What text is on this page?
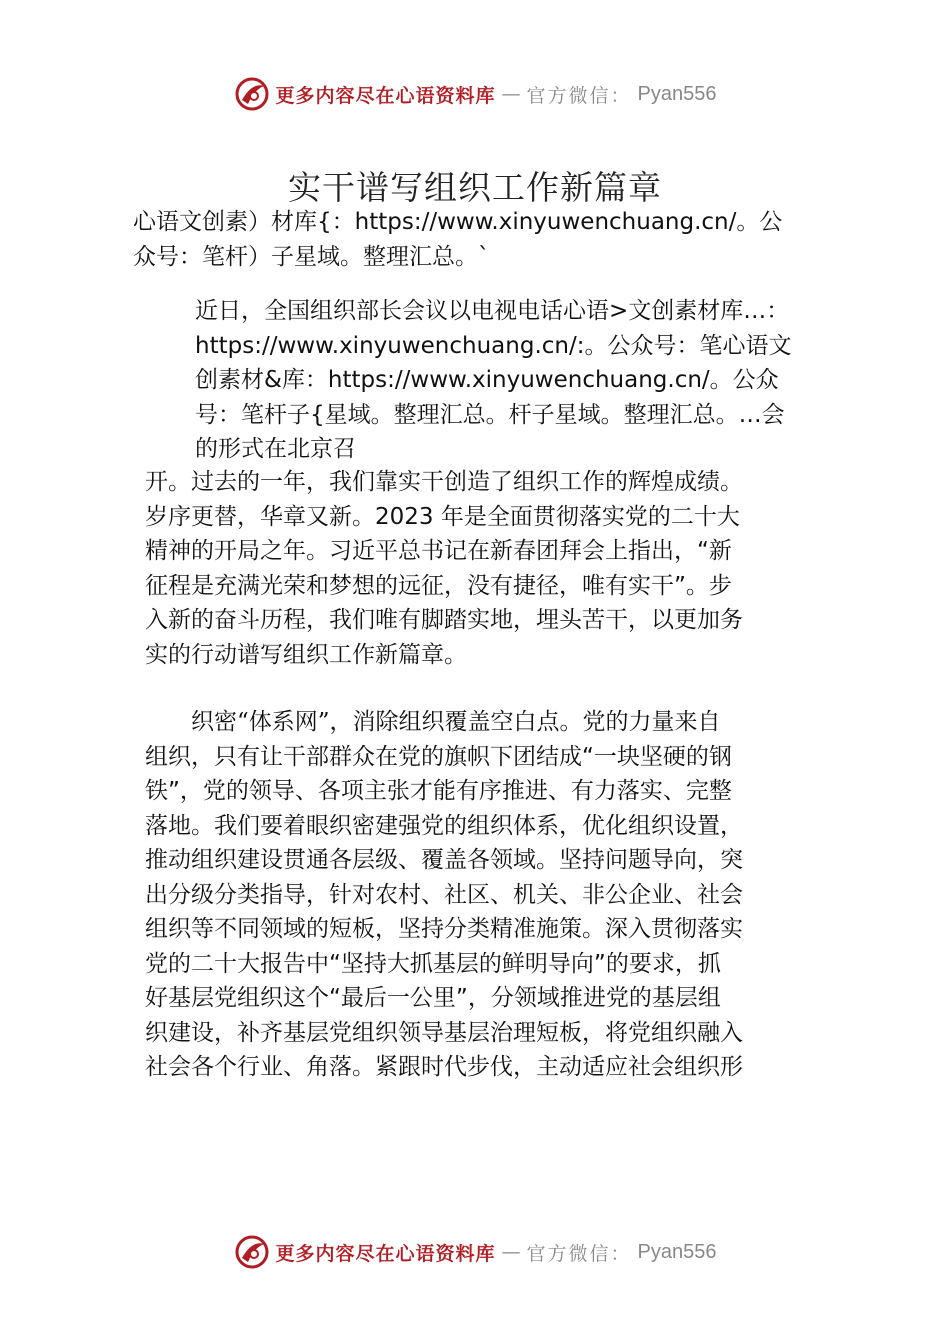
更多内容尽在心语资料库 — 官方微信： Pyan556
实干谱写组织工作新篇章
心语文创素）材库{：https://www.xinyuwenchuang.cn/。公
众号：笔杆）子星域。整理汇总。`
近日，全国组织部长会议以电视电话心语>文创素材库…：
https://www.xinyuwenchuang.cn/:。公众号：笔心语文
创素材&库：https://www.xinyuwenchuang.cn/。公众
号：笔杆子{星域。整理汇总。杆子星域。整理汇总。…会
的形式在北京召
开。过去的一年，我们靠实干创造了组织工作的辉煌成绩。
岁序更替，华章又新。2023 年是全面贯彻落实党的二十大
精神的开局之年。习近平总书记在新春团拜会上指出，“新
征程是充满光荣和梦想的远征，没有捷径，唯有实干”。步
入新的奋斗历程，我们唯有脚踏实地，埋头苦干，以更加务
实的行动谱写组织工作新篇章。
　　织密“体系网”，消除组织覆盖空白点。党的力量来自
组织，只有让干部群众在党的旗帜下团结成“一块坚硬的钢
铁”，党的领导、各项主张才能有序推进、有力落实、完整
落地。我们要着眼织密建强党的组织体系，优化组织设置，
推动组织建设贯通各层级、覆盖各领域。坚持问题导向，突
出分级分类指导，针对农村、社区、机关、非公企业、社会
组织等不同领域的短板，坚持分类精准施策。深入贯彻落实
党的二十大报告中“坚持大抓基层的鲜明导向”的要求，抓
好基层党组织这个“最后一公里”，分领域推进党的基层组
织建设，补齐基层党组织领导基层治理短板，将党组织融入
社会各个行业、角落。紧跟时代步伐，主动适应社会组织形
更多内容尽在心语资料库 — 官方微信： Pyan556
